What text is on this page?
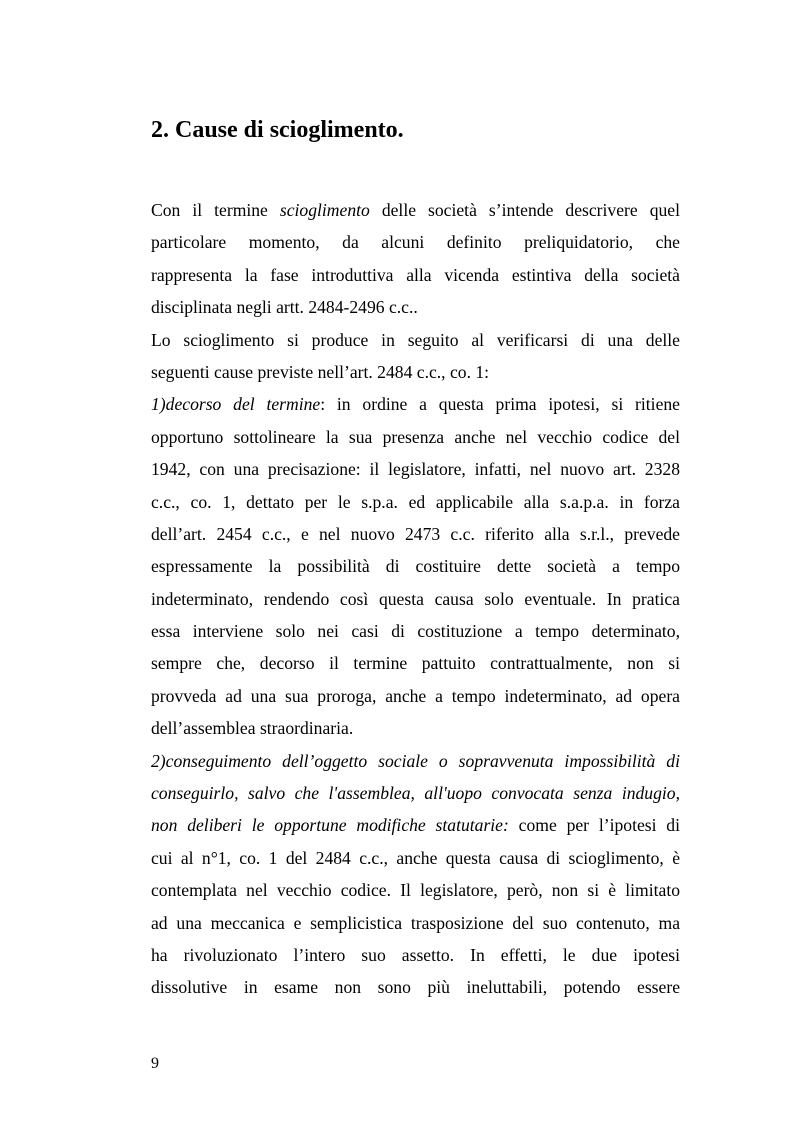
2. Cause di scioglimento.
Con il termine scioglimento delle società s’intende descrivere quel
particolare momento, da alcuni definito preliquidatorio, che
rappresenta la fase introduttiva alla vicenda estintiva della società
disciplinata negli artt. 2484-2496 c.c..
Lo scioglimento si produce in seguito al verificarsi di una delle
seguenti cause previste nell’art. 2484 c.c., co. 1:
1)decorso del termine: in ordine a questa prima ipotesi, si ritiene
opportuno sottolineare la sua presenza anche nel vecchio codice del
1942, con una precisazione: il legislatore, infatti, nel nuovo art. 2328
c.c., co. 1, dettato per le s.p.a. ed applicabile alla s.a.p.a. in forza
dell’art. 2454 c.c., e nel nuovo 2473 c.c. riferito alla s.r.l., prevede
espressamente la possibilità di costituire dette società a tempo
indeterminato, rendendo così questa causa solo eventuale. In pratica
essa interviene solo nei casi di costituzione a tempo determinato,
sempre che, decorso il termine pattuito contrattualmente, non si
provveda ad una sua proroga, anche a tempo indeterminato, ad opera
dell’assemblea straordinaria.
2)conseguimento dell’oggetto sociale o sopravvenuta impossibilità di
conseguirlo, salvo che l'assemblea, all'uopo convocata senza indugio,
non deliberi le opportune modifiche statutarie: come per l’ipotesi di
cui al n°1, co. 1 del 2484 c.c., anche questa causa di scioglimento, è
contemplata nel vecchio codice. Il legislatore, però, non si è limitato
ad una meccanica e semplicistica trasposizione del suo contenuto, ma
ha rivoluzionato l’intero suo assetto. In effetti, le due ipotesi
dissolutive in esame non sono più ineluttabili, potendo essere
9
